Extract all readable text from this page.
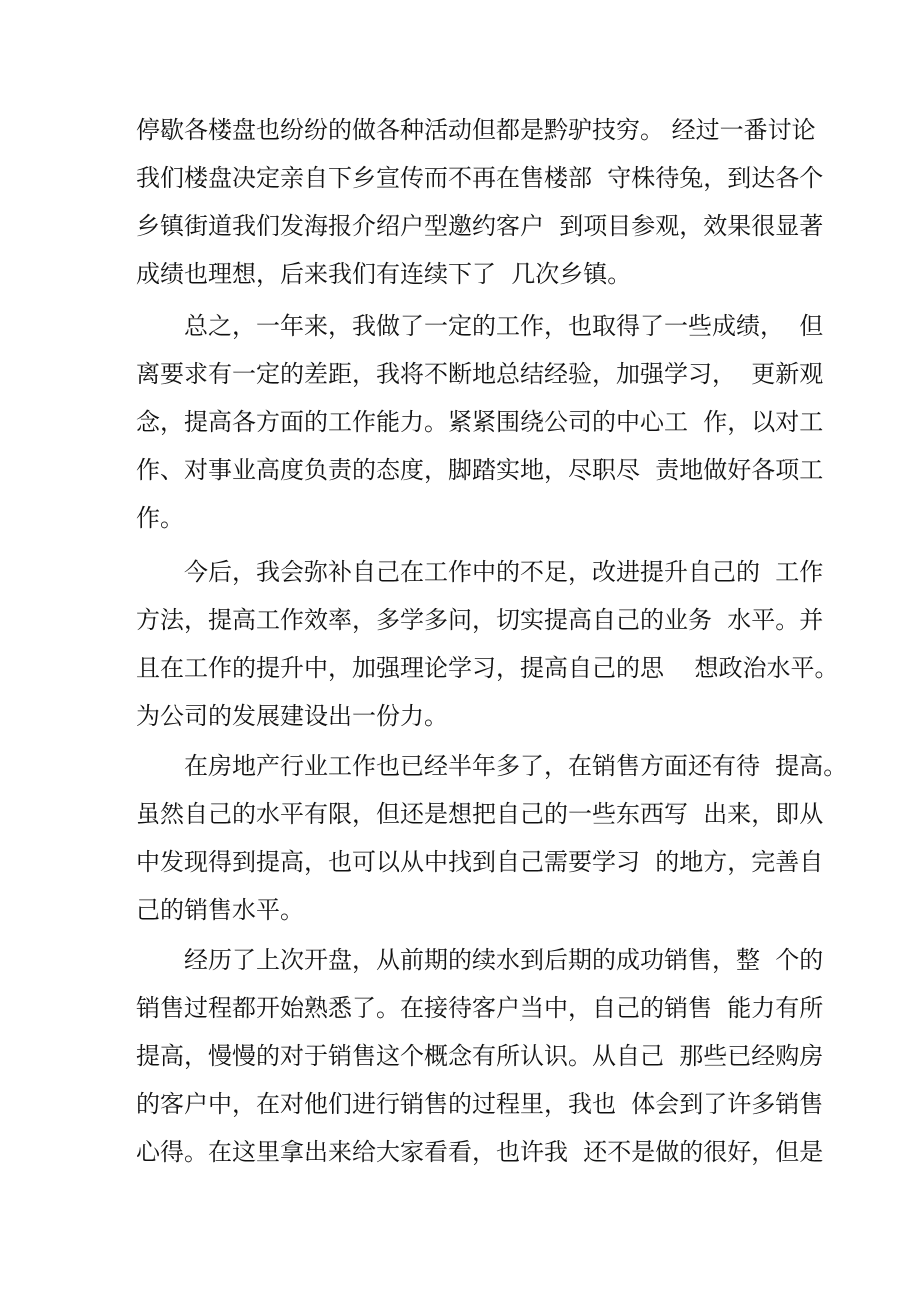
停歇各楼盘也纷纷的做各种活动但都是黔驴技穷。 经过一番讨论

我们楼盘决定亲自下乡宣传而不再在售楼部  守株待兔，到达各个

乡镇街道我们发海报介绍户型邀约客户  到项目参观，效果很显著

成绩也理想，后来我们有连续下了  几次乡镇。

总之，一年来，我做了一定的工作，也取得了一些成绩，  但

离要求有一定的差距，我将不断地总结经验，加强学习，  更新观

念，提高各方面的工作能力。紧紧围绕公司的中心工  作，以对工

作、对事业高度负责的态度，脚踏实地，尽职尽  责地做好各项工

作。

今后，我会弥补自己在工作中的不足，改进提升自己的  工作

方法，提高工作效率，多学多问，切实提高自己的业务  水平。并

且在工作的提升中，加强理论学习，提高自己的思    想政治水平。

为公司的发展建设出一份力。

在房地产行业工作也已经半年多了，在销售方面还有待  提高。

虽然自己的水平有限，但还是想把自己的一些东西写  出来，即从

中发现得到提高，也可以从中找到自己需要学习  的地方，完善自

己的销售水平。

经历了上次开盘，从前期的续水到后期的成功销售，整  个的

销售过程都开始熟悉了。在接待客户当中，自己的销售  能力有所

提高，慢慢的对于销售这个概念有所认识。从自己  那些已经购房

的客户中，在对他们进行销售的过程里，我也  体会到了许多销售

心得。在这里拿出来给大家看看，也许我  还不是做的很好，但是
